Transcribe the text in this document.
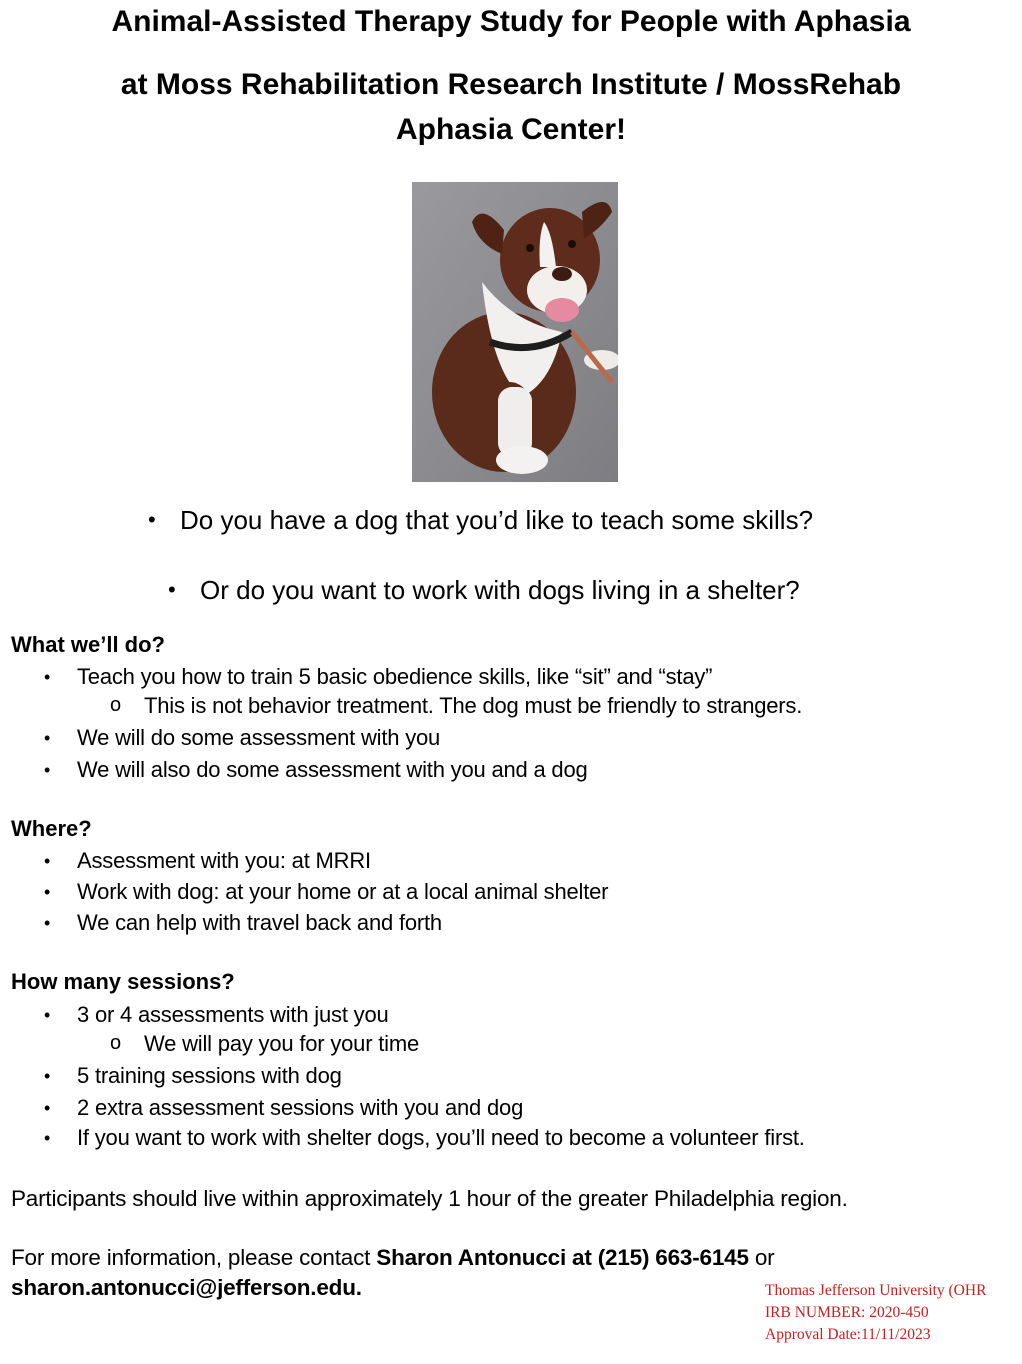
Animal-Assisted Therapy Study for People with Aphasia
at Moss Rehabilitation Research Institute / MossRehab
Aphasia Center!
• Do you have a dog that you’d like to teach some skills?
• Or do you want to work with dogs living in a shelter?
What we’ll do?
• Teach you how to train 5 basic obedience skills, like “sit” and “stay”
o This is not behavior treatment. The dog must be friendly to strangers.
• We will do some assessment with you
• We will also do some assessment with you and a dog
Where?
• Assessment with you: at MRRI
• Work with dog: at your home or at a local animal shelter
• We can help with travel back and forth
How many sessions?
• 3 or 4 assessments with just you
o We will pay you for your time
• 5 training sessions with dog
• 2 extra assessment sessions with you and dog
• If you want to work with shelter dogs, you’ll need to become a volunteer first.
Participants should live within approximately 1 hour of the greater Philadelphia region.
For more information, please contact Sharon Antonucci at (215) 663-6145 or
sharon.antonucci@jefferson.edu.	Thomas Jefferson University (OHR
IRB NUMBER: 2020-450
Approval Date:11/11/2023
